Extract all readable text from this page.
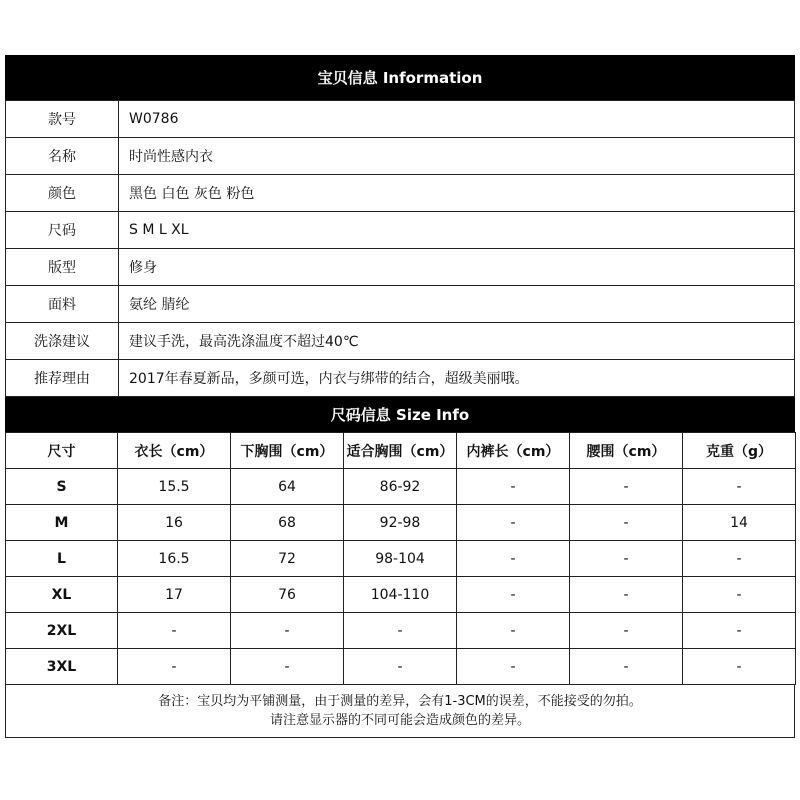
宝贝信息 Information
款号	W0786
名称	时尚性感内衣
颜色	黑色 白色 灰色 粉色
尺码	S M L XL
版型	修身
面料	氨纶 腈纶
洗涤建议	建议手洗，最高洗涤温度不超过40℃
推荐理由	2017年春夏新品，多颜可选，内衣与绑带的结合，超级美丽哦。
尺码信息 Size Info
尺寸	衣长（cm）	下胸围（cm）	适合胸围（cm）	内裤长（cm）	腰围（cm）	克重（g）
S	15.5	64	86-92	-	-	-
M	16	68	92-98	-	-	14
L	16.5	72	98-104	-	-	-
XL	17	76	104-110	-	-	-
2XL	-	-	-	-	-	-
3XL	-	-	-	-	-	-
备注：宝贝均为平铺测量，由于测量的差异，会有1-3CM的误差，不能接受的勿拍。
请注意显示器的不同可能会造成颜色的差异。
